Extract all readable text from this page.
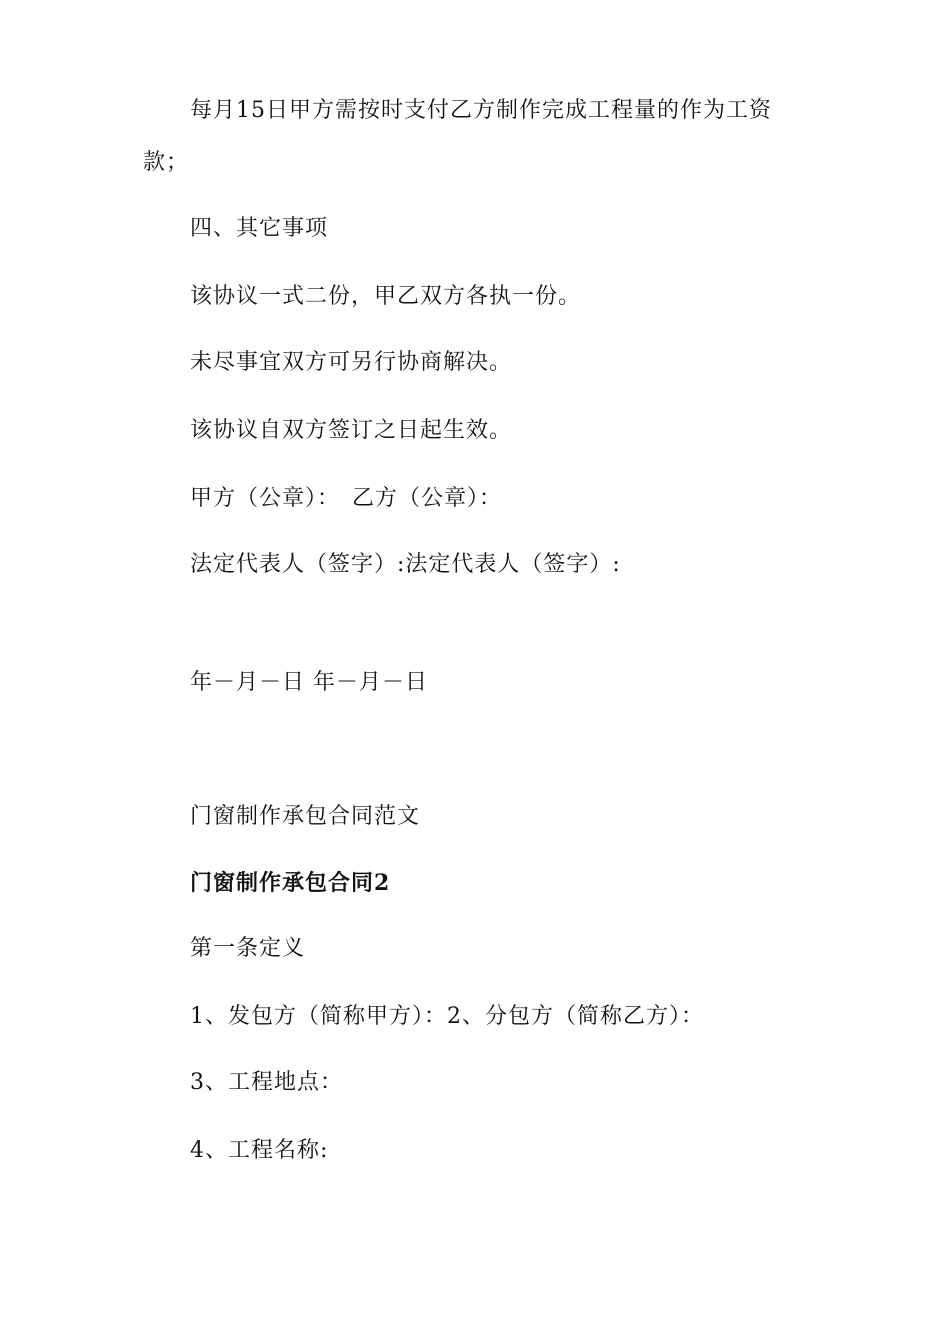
每月15日甲方需按时支付乙方制作完成工程量的作为工资
款；
四、其它事项
该协议一式二份，甲乙双方各执一份。
未尽事宜双方可另行协商解决。
该协议自双方签订之日起生效。
甲方（公章）：　乙方（公章）：
法定代表人（签字）:法定代表人（签字）:
年－月－日 年－月－日
门窗制作承包合同范文
门窗制作承包合同2
第一条定义
1、发包方（简称甲方）：2、分包方（简称乙方）：
3、工程地点：
4、工程名称:
